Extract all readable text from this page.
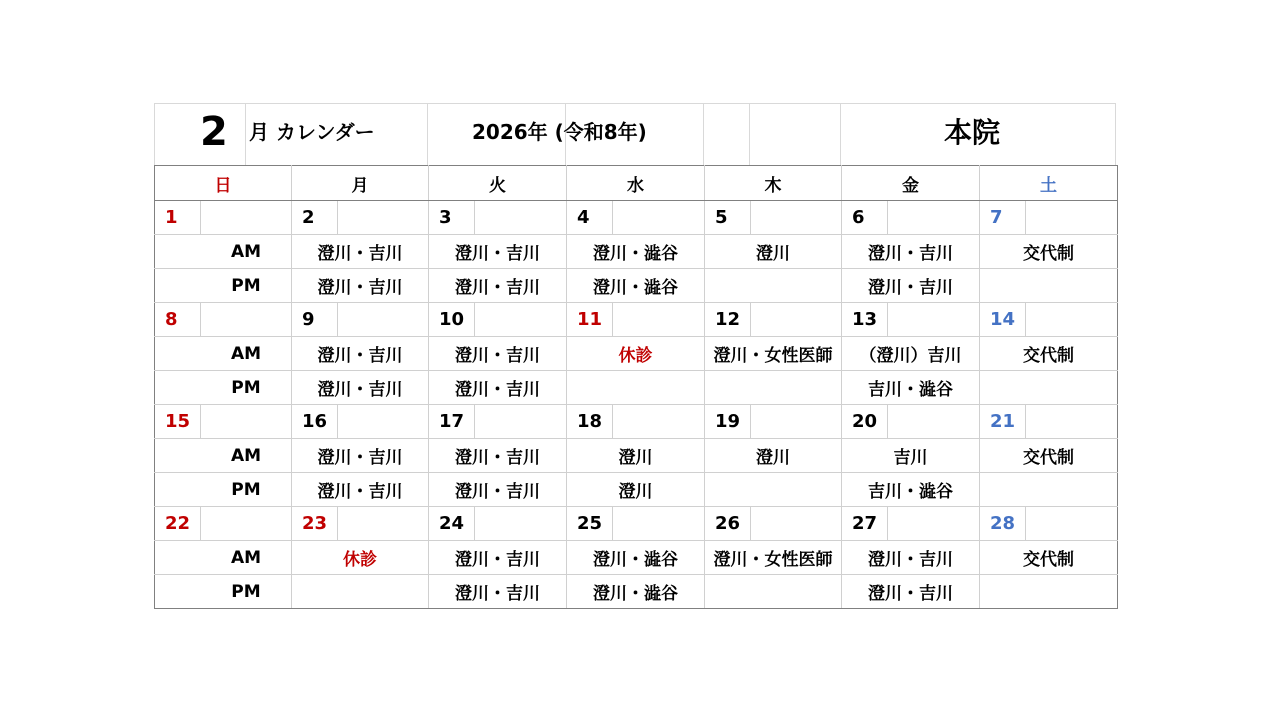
2 月 カレンダー	2026年 (令和8年)	本院
日		月		火		水		木		金		土	
1		2		3		4		5		6		7	
	AM	澄川・吉川		澄川・吉川		澄川・澁谷		澄川		澄川・吉川		交代制	
	PM	澄川・吉川		澄川・吉川		澄川・澁谷				澄川・吉川			
8		9		10		11		12		13		14	
	AM	澄川・吉川		澄川・吉川		休診		澄川・女性医師		（澄川）吉川		交代制	
	PM	澄川・吉川		澄川・吉川						吉川・澁谷			
15		16		17		18		19		20		21	
	AM	澄川・吉川		澄川・吉川		澄川		澄川		吉川		交代制	
	PM	澄川・吉川		澄川・吉川		澄川				吉川・澁谷			
22		23		24		25		26		27		28	
	AM	休診		澄川・吉川		澄川・澁谷		澄川・女性医師		澄川・吉川		交代制	
	PM			澄川・吉川		澄川・澁谷				澄川・吉川			
